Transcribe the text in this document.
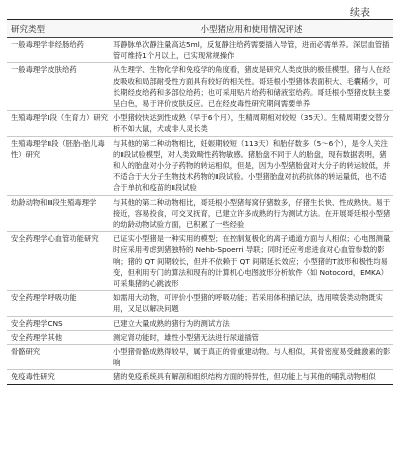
续表
研究类型	小型猪应用和使用情况评述
一般毒理学非经肠给药	耳静脉单次静注量高达5ml，反复静注给药需要插入导管，进而必需单养。深层血管插管可维持1个月以上，已实现常规操作
一般毒理学皮肤给药	从生理学、生物化学和免疫学的角度看，猪皮是研究人类皮肤的极佳模型。猪与人在经皮吸收和局部耐受性方面具有较好的相关性。哥廷根小型猪体表面积大、毛囊稀少，可长期经皮给药和多部位给药；也可采用贴片给药和储液室给药。哥廷根小型猪皮肤主要呈白色，易于评价皮肤反应。已在经皮毒性研究期间需要单养
生殖毒理学Ⅰ段（生育力）研究	小型猪较快达到性成熟（早于6个月），生精周期相对较短（35天）。生精周期要交替分析不如大鼠，犬或非人灵长类
生殖毒理学Ⅱ段（胚胎-胎儿毒性）研究	与其他的第二种动物相比，妊娠期较短（113天）和胎仔数多（5～6个），是令人关注的Ⅱ段试验模型，对人类致畸性药物敏感。猪胎盘不同于人的胎盘，现有数据表明，猪和人的胎盘对小分子药物的转运相似，但是，因为小型猪胎盘对大分子的转运较低，并不适合于大分子生物技术药物的Ⅱ段试验。小型猪胎盘对抗药抗体的转运量低，也不适合于单抗和疫苗的Ⅱ段试验
幼龄动物和Ⅲ段生殖毒理学	与其他的第二种动物相比，哥廷根小型猪每窝仔猪数多，仔猪生长快、性成熟快。易于接近，容易投食，可交叉抚育，已建立许多成熟的行为测试方法。在开展哥廷根小型猪的幼龄动物试验方面，已积累了一些经验
安全药理学心血管功能研究	已证实小型猪是一种实用的模型；在控制复极化的离子通道方面与人相似；心电图测量时应采用考虑到猪独特的 Nehb-Spoerri 导联；同时还应考虑进食对心血管参数的影响；猪的 QT 间期较长，但并不依赖于 QT 间期延长效应；小型猪的T波形和极性均易变，但利用专门的算法和现有的计算机心电图波形分析软件（如 Notocord，EMKA）可采集猪的心跳波形
安全药理学呼吸功能	如需用大动物，可评价小型猪的呼吸功能；若采用体积描记法，选用喷袋类动物既实用，又足以解决问题
安全药理学CNS	已建立大量成熟的猪行为的测试方法
安全药理学其他	测定肾功能时，雄性小型猪无法进行尿道插管
骨骼研究	小型猪骨骼成熟得较早，属于真正的骨重建动物。与人相似，其骨密度易受雌激素的影响
免疫毒性研究	猪的免疫系统具有解剖和组织结构方面的特异性，但功能上与其他的哺乳动物相似
